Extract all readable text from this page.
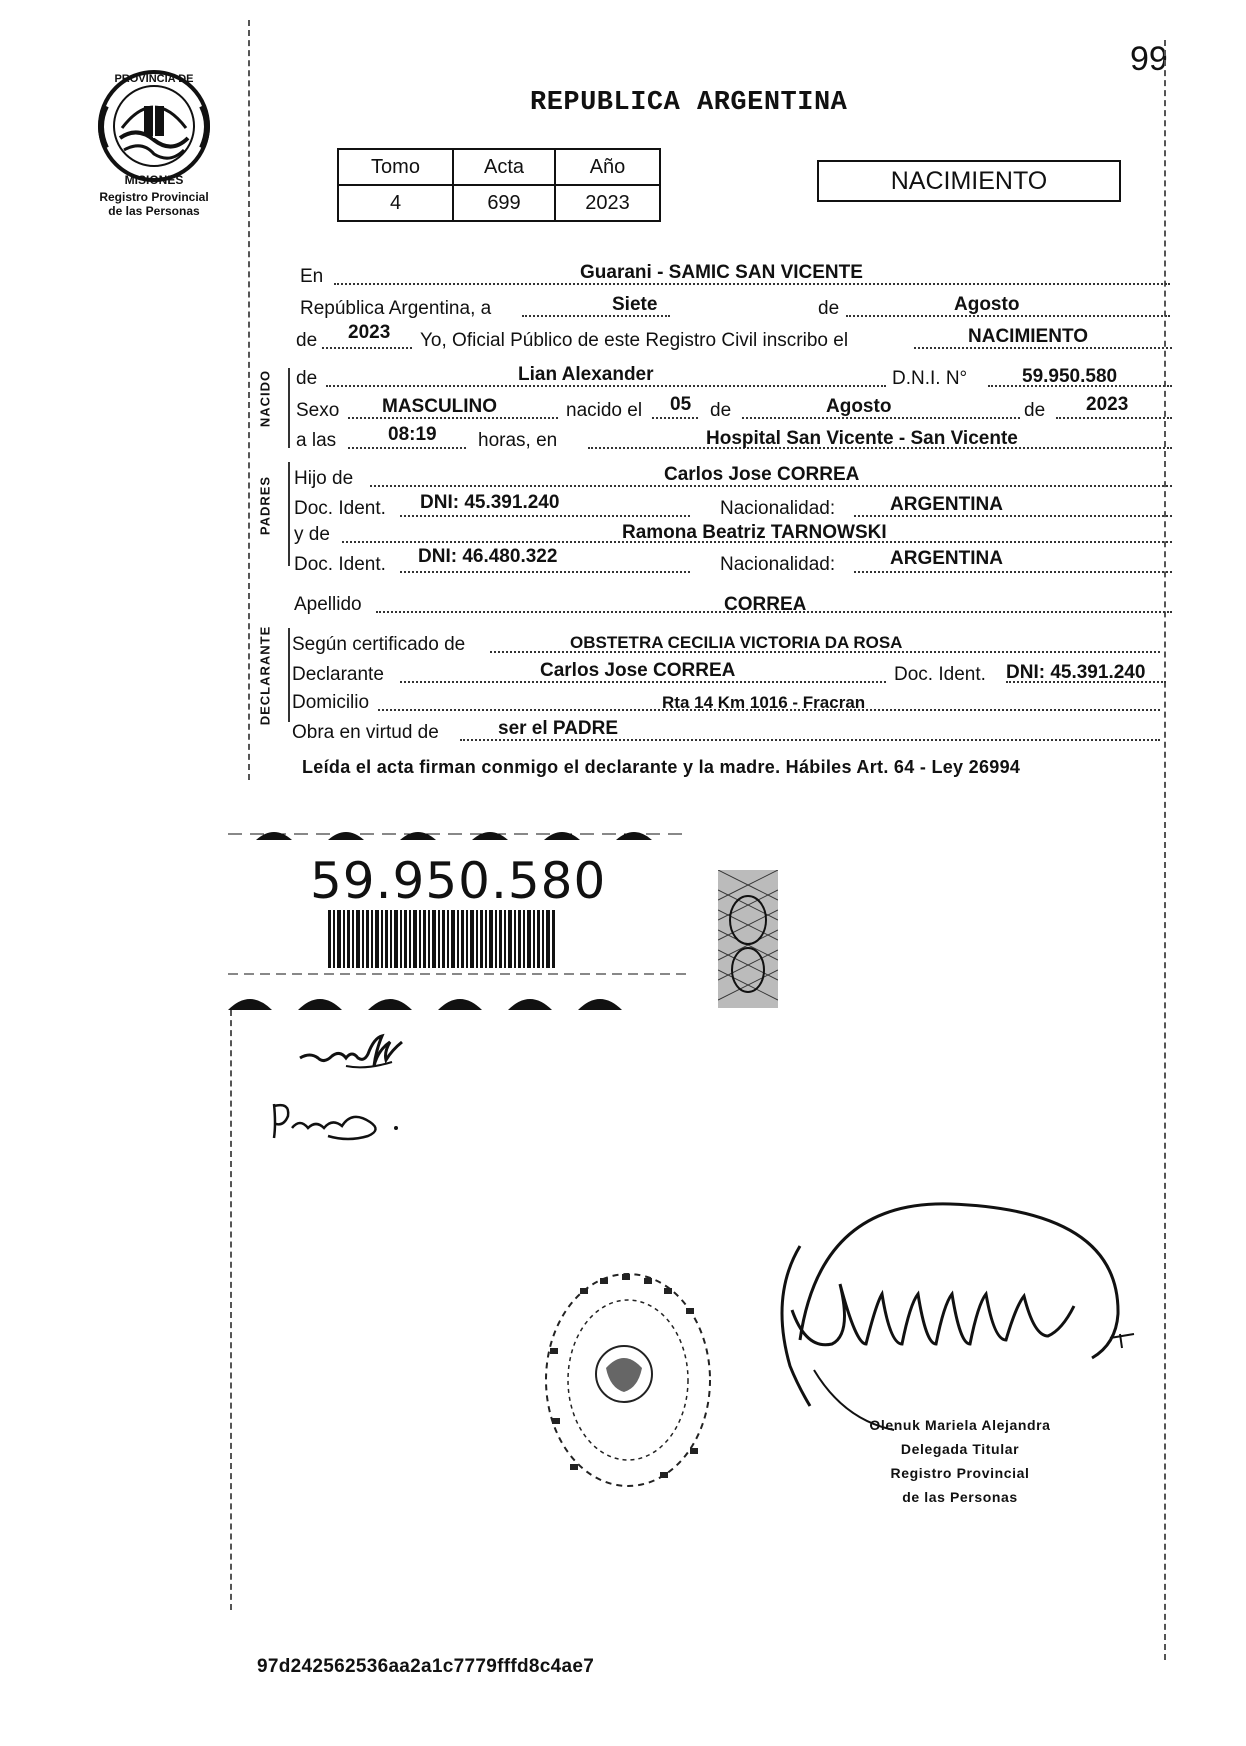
PROVINCIA DE
MISIONES
Registro Provincial
de las Personas
99
REPUBLICA ARGENTINA
Tomo	Acta	Año
4	699	2023
NACIMIENTO
NACIDO
PADRES
DECLARANTE
En	Guarani - SAMIC SAN VICENTE
República Argentina, a	Siete	de	Agosto
de 2023 Yo, Oficial Público de este Registro Civil inscribo el	NACIMIENTO
de	Lian Alexander	D.N.I. N°	59.950.580
Sexo MASCULINO	nacido el 05 de	Agosto	de 2023
a las	08:19 horas, en	Hospital San Vicente - San Vicente
Hijo de	Carlos Jose CORREA
Doc. Ident. DNI: 45.391.240	Nacionalidad:	ARGENTINA
y de	Ramona Beatriz TARNOWSKI
Doc. Ident. DNI: 46.480.322	Nacionalidad:	ARGENTINA
Apellido	CORREA
Según certificado de	OBSTETRA CECILIA VICTORIA DA ROSA
Declarante	Carlos Jose CORREA	Doc. Ident. DNI: 45.391.240
Domicilio	Rta 14 Km 1016 - Fracran
Obra en virtud de	ser el PADRE
Leída el acta firman conmigo el declarante y la madre. Hábiles Art. 64 - Ley 26994
59.950.580
Olenuk Mariela Alejandra
Delegada Titular
Registro Provincial
de las Personas
97d242562536aa2a1c7779fffd8c4ae7
